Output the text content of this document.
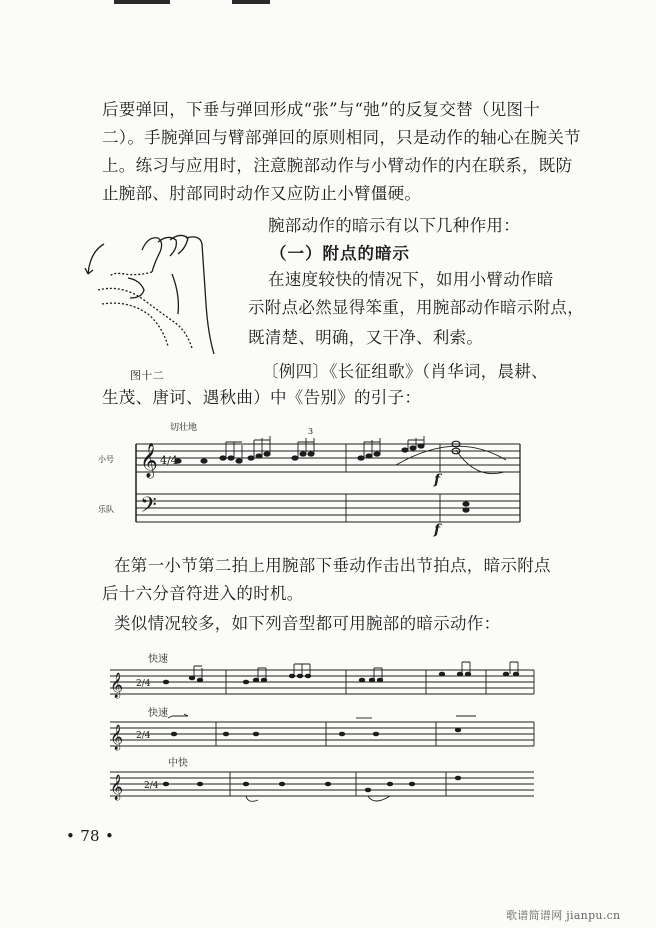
后要弹回，下垂与弹回形成“张”与“弛”的反复交替（见图十
二）。手腕弹回与臂部弹回的原则相同，只是动作的轴心在腕关节
上。练习与应用时，注意腕部动作与小臂动作的内在联系，既防
止腕部、肘部同时动作又应防止小臂僵硬。
腕部动作的暗示有以下几种作用：
（一）附点的暗示
在速度较快的情况下，如用小臂动作暗
示附点必然显得笨重，用腕部动作暗示附点，
既清楚、明确，又干净、利索。
图十二	〔例四〕《长征组歌》（肖华词，晨耕、
生茂、唐诃、遇秋曲）中《告别》的引子：
𝄞
𝄢
切壮地
小号
乐队
4/4
3
f
f
在第一小节第二拍上用腕部下垂动作击出节拍点，暗示附点
后十六分音符进入的时机。
类似情况较多，如下列音型都可用腕部的暗示动作：
𝄞
𝄞
𝄞
快速
快速
中快
2/4
2/4
2/4
• 78 •
歌谱简谱网 jianpu.cn
